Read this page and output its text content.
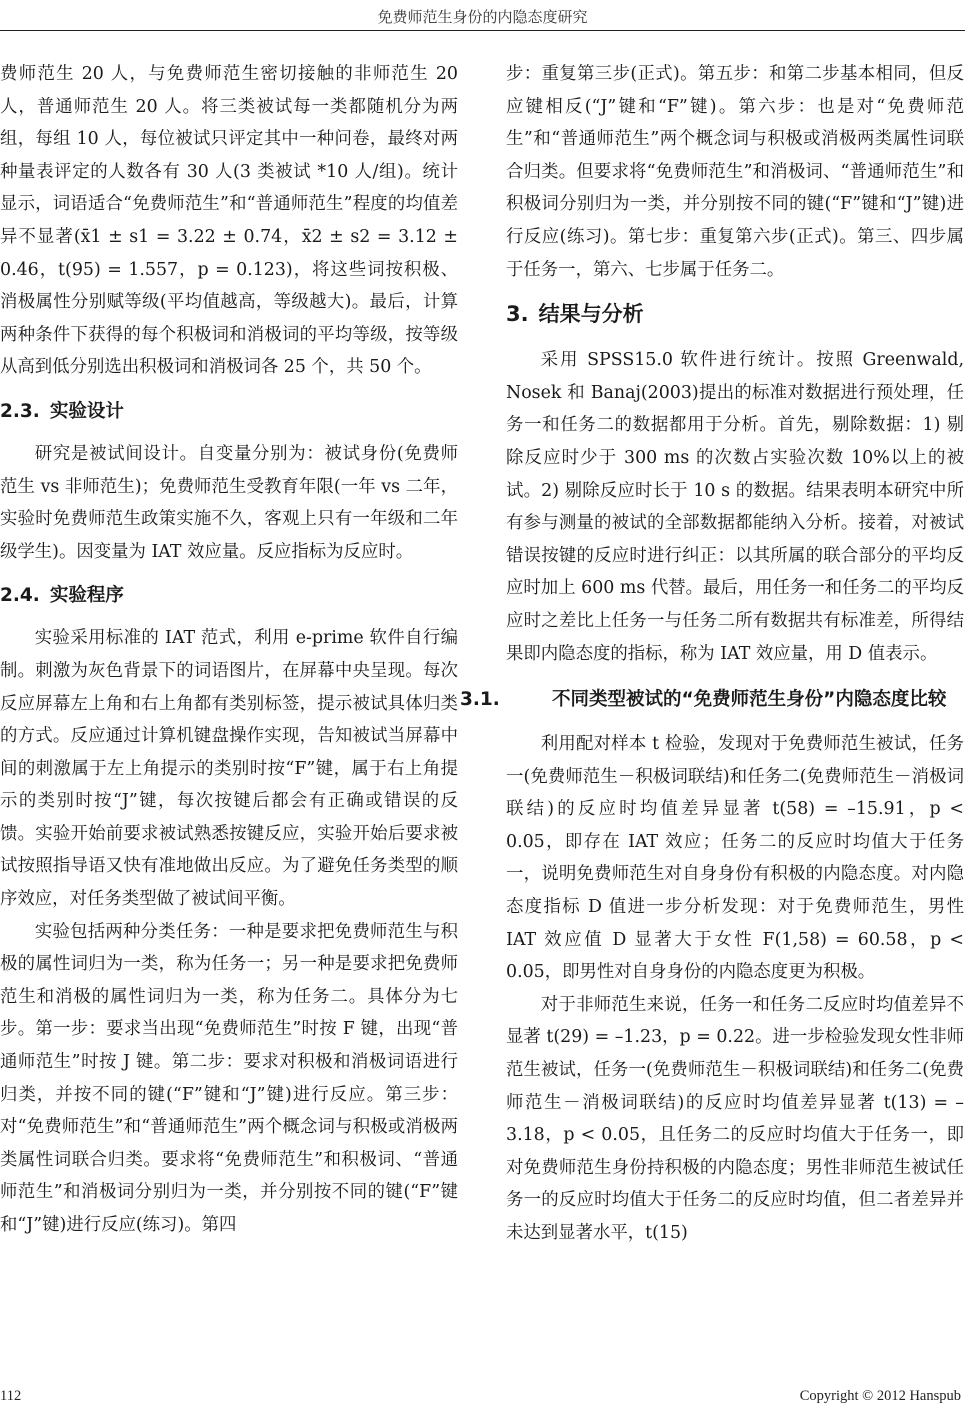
免费师范生身份的内隐态度研究

费师范生 20 人，与免费师范生密切接触的非师范生 20 人，普通师范生 20 人。将三类被试每一类都随机分为两组，每组 10 人，每位被试只评定其中一种问卷，最终对两种量表评定的人数各有 30 人(3 类被试 *10 人/组)。统计显示，词语适合“免费师范生”和“普通师范生”程度的均值差异不显著(x̄1 ± s1 = 3.22 ± 0.74，x̄2 ± s2 = 3.12 ± 0.46，t(95) = 1.557，p = 0.123)，将这些词按积极、消极属性分别赋等级(平均值越高，等级越大)。最后，计算两种条件下获得的每个积极词和消极词的平均等级，按等级从高到低分别选出积极词和消极词各 25 个，共 50 个。

2.3. 实验设计

研究是被试间设计。自变量分别为：被试身份(免费师范生 vs 非师范生)；免费师范生受教育年限(一年 vs 二年，实验时免费师范生政策实施不久，客观上只有一年级和二年级学生)。因变量为 IAT 效应量。反应指标为反应时。

2.4. 实验程序

实验采用标准的 IAT 范式，利用 e-prime 软件自行编制。刺激为灰色背景下的词语图片，在屏幕中央呈现。每次反应屏幕左上角和右上角都有类别标签，提示被试具体归类的方式。反应通过计算机键盘操作实现，告知被试当屏幕中间的刺激属于左上角提示的类别时按“F”键，属于右上角提示的类别时按“J”键，每次按键后都会有正确或错误的反馈。实验开始前要求被试熟悉按键反应，实验开始后要求被试按照指导语又快有准地做出反应。为了避免任务类型的顺序效应，对任务类型做了被试间平衡。

实验包括两种分类任务：一种是要求把免费师范生与积极的属性词归为一类，称为任务一；另一种是要求把免费师范生和消极的属性词归为一类，称为任务二。具体分为七步。第一步：要求当出现“免费师范生”时按 F 键，出现“普通师范生”时按 J 键。第二步：要求对积极和消极词语进行归类，并按不同的键(“F”键和“J”键)进行反应。第三步：对“免费师范生”和“普通师范生”两个概念词与积极或消极两类属性词联合归类。要求将“免费师范生”和积极词、“普通师范生”和消极词分别归为一类，并分别按不同的键(“F”键和“J”键)进行反应(练习)。第四

步：重复第三步(正式)。第五步：和第二步基本相同，但反应键相反(“J”键和“F”键)。第六步：也是对“免费师范生”和“普通师范生”两个概念词与积极或消极两类属性词联合归类。但要求将“免费师范生”和消极词、“普通师范生”和积极词分别归为一类，并分别按不同的键(“F”键和“J”键)进行反应(练习)。第七步：重复第六步(正式)。第三、四步属于任务一，第六、七步属于任务二。

3. 结果与分析

采用 SPSS15.0 软件进行统计。按照 Greenwald, Nosek 和 Banaj(2003)提出的标准对数据进行预处理，任务一和任务二的数据都用于分析。首先，剔除数据：1) 剔除反应时少于 300 ms 的次数占实验次数 10%以上的被试。2) 剔除反应时长于 10 s 的数据。结果表明本研究中所有参与测量的被试的全部数据都能纳入分析。接着，对被试错误按键的反应时进行纠正：以其所属的联合部分的平均反应时加上 600 ms 代替。最后，用任务一和任务二的平均反应时之差比上任务一与任务二所有数据共有标准差，所得结果即内隐态度的指标，称为 IAT 效应量，用 D 值表示。

3.1.	不同类型被试的“免费师范生身份”内隐态度比较

利用配对样本 t 检验，发现对于免费师范生被试，任务一(免费师范生－积极词联结)和任务二(免费师范生－消极词联结)的反应时均值差异显著 t(58) = –15.91，p < 0.05，即存在 IAT 效应；任务二的反应时均值大于任务一，说明免费师范生对自身身份有积极的内隐态度。对内隐态度指标 D 值进一步分析发现：对于免费师范生，男性 IAT 效应值 D 显著大于女性 F(1,58) = 60.58，p < 0.05，即男性对自身身份的内隐态度更为积极。

对于非师范生来说，任务一和任务二反应时均值差异不显著 t(29) = –1.23，p = 0.22。进一步检验发现女性非师范生被试，任务一(免费师范生－积极词联结)和任务二(免费师范生－消极词联结)的反应时均值差异显著 t(13) = –3.18，p < 0.05，且任务二的反应时均值大于任务一，即对免费师范生身份持积极的内隐态度；男性非师范生被试任务一的反应时均值大于任务二的反应时均值，但二者差异并未达到显著水平，t(15)

112	Copyright © 2012 Hanspub
